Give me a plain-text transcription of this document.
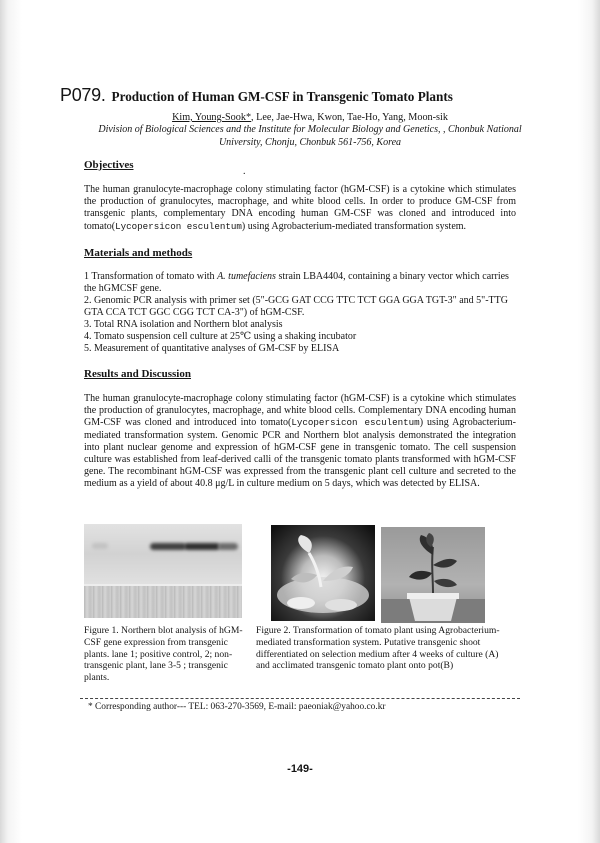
P079. Production of Human GM-CSF in Transgenic Tomato Plants
Kim, Young-Sook*, Lee, Jae-Hwa, Kwon, Tae-Ho, Yang, Moon-sik
Division of Biological Sciences and the Institute for Molecular Biology and Genetics, , Chonbuk National
University, Chonju, Chonbuk 561-756, Korea
Objectives
.
The human granulocyte-macrophage colony stimulating factor (hGM-CSF) is a cytokine which stimulates the production of granulocytes, macrophage, and white blood cells. In order to produce GM-CSF from transgenic plants, complementary DNA encoding human GM-CSF was cloned and introduced into tomato(Lycopersicon esculentum) using Agrobacterium-mediated transformation system.
Materials and methods
1 Transformation of tomato with A. tumefaciens strain LBA4404, containing a binary vector which carries the hGMCSF gene.
2. Genomic PCR analysis with primer set (5"-GCG GAT CCG TTC TCT GGA GGA TGT-3" and 5"-TTG GTA CCA TCT GGC CGG TCT CA-3") of hGM-CSF.
3. Total RNA isolation and Northern blot analysis
4. Tomato suspension cell culture at 25℃ using a shaking incubator
5. Measurement of quantitative analyses of GM-CSF by ELISA
Results and Discussion
The human granulocyte-macrophage colony stimulating factor (hGM-CSF) is a cytokine which stimulates the production of granulocytes, macrophage, and white blood cells. Complementary DNA encoding human GM-CSF was cloned and introduced into tomato(Lycopersicon esculentum) using Agrobacterium-mediated transformation system. Genomic PCR and Northern blot analysis demonstrated the integration into plant nuclear genome and expression of hGM-CSF gene in transgenic tomato. The cell suspension culture was established from leaf-derived calli of the transgenic tomato plants transformed with hGM-CSF gene. The recombinant hGM-CSF was expressed from the transgenic plant cell culture and secreted to the medium as a yield of about 40.8 μg/L in culture medium on 5 days, which was detected by ELISA.
Figure 1. Northern blot analysis of hGM-CSF gene expression from transgenic plants. lane 1; positive control, 2; non-transgenic plant, lane 3-5 ; transgenic plants.
Figure 2. Transformation of tomato plant using Agrobacterium-mediated transformation system. Putative transgenic shoot differentiated on selection medium after 4 weeks of culture (A) and acclimated transgenic tomato plant onto pot(B)
* Corresponding author--- TEL: 063-270-3569, E-mail: paeoniak@yahoo.co.kr
-149-
